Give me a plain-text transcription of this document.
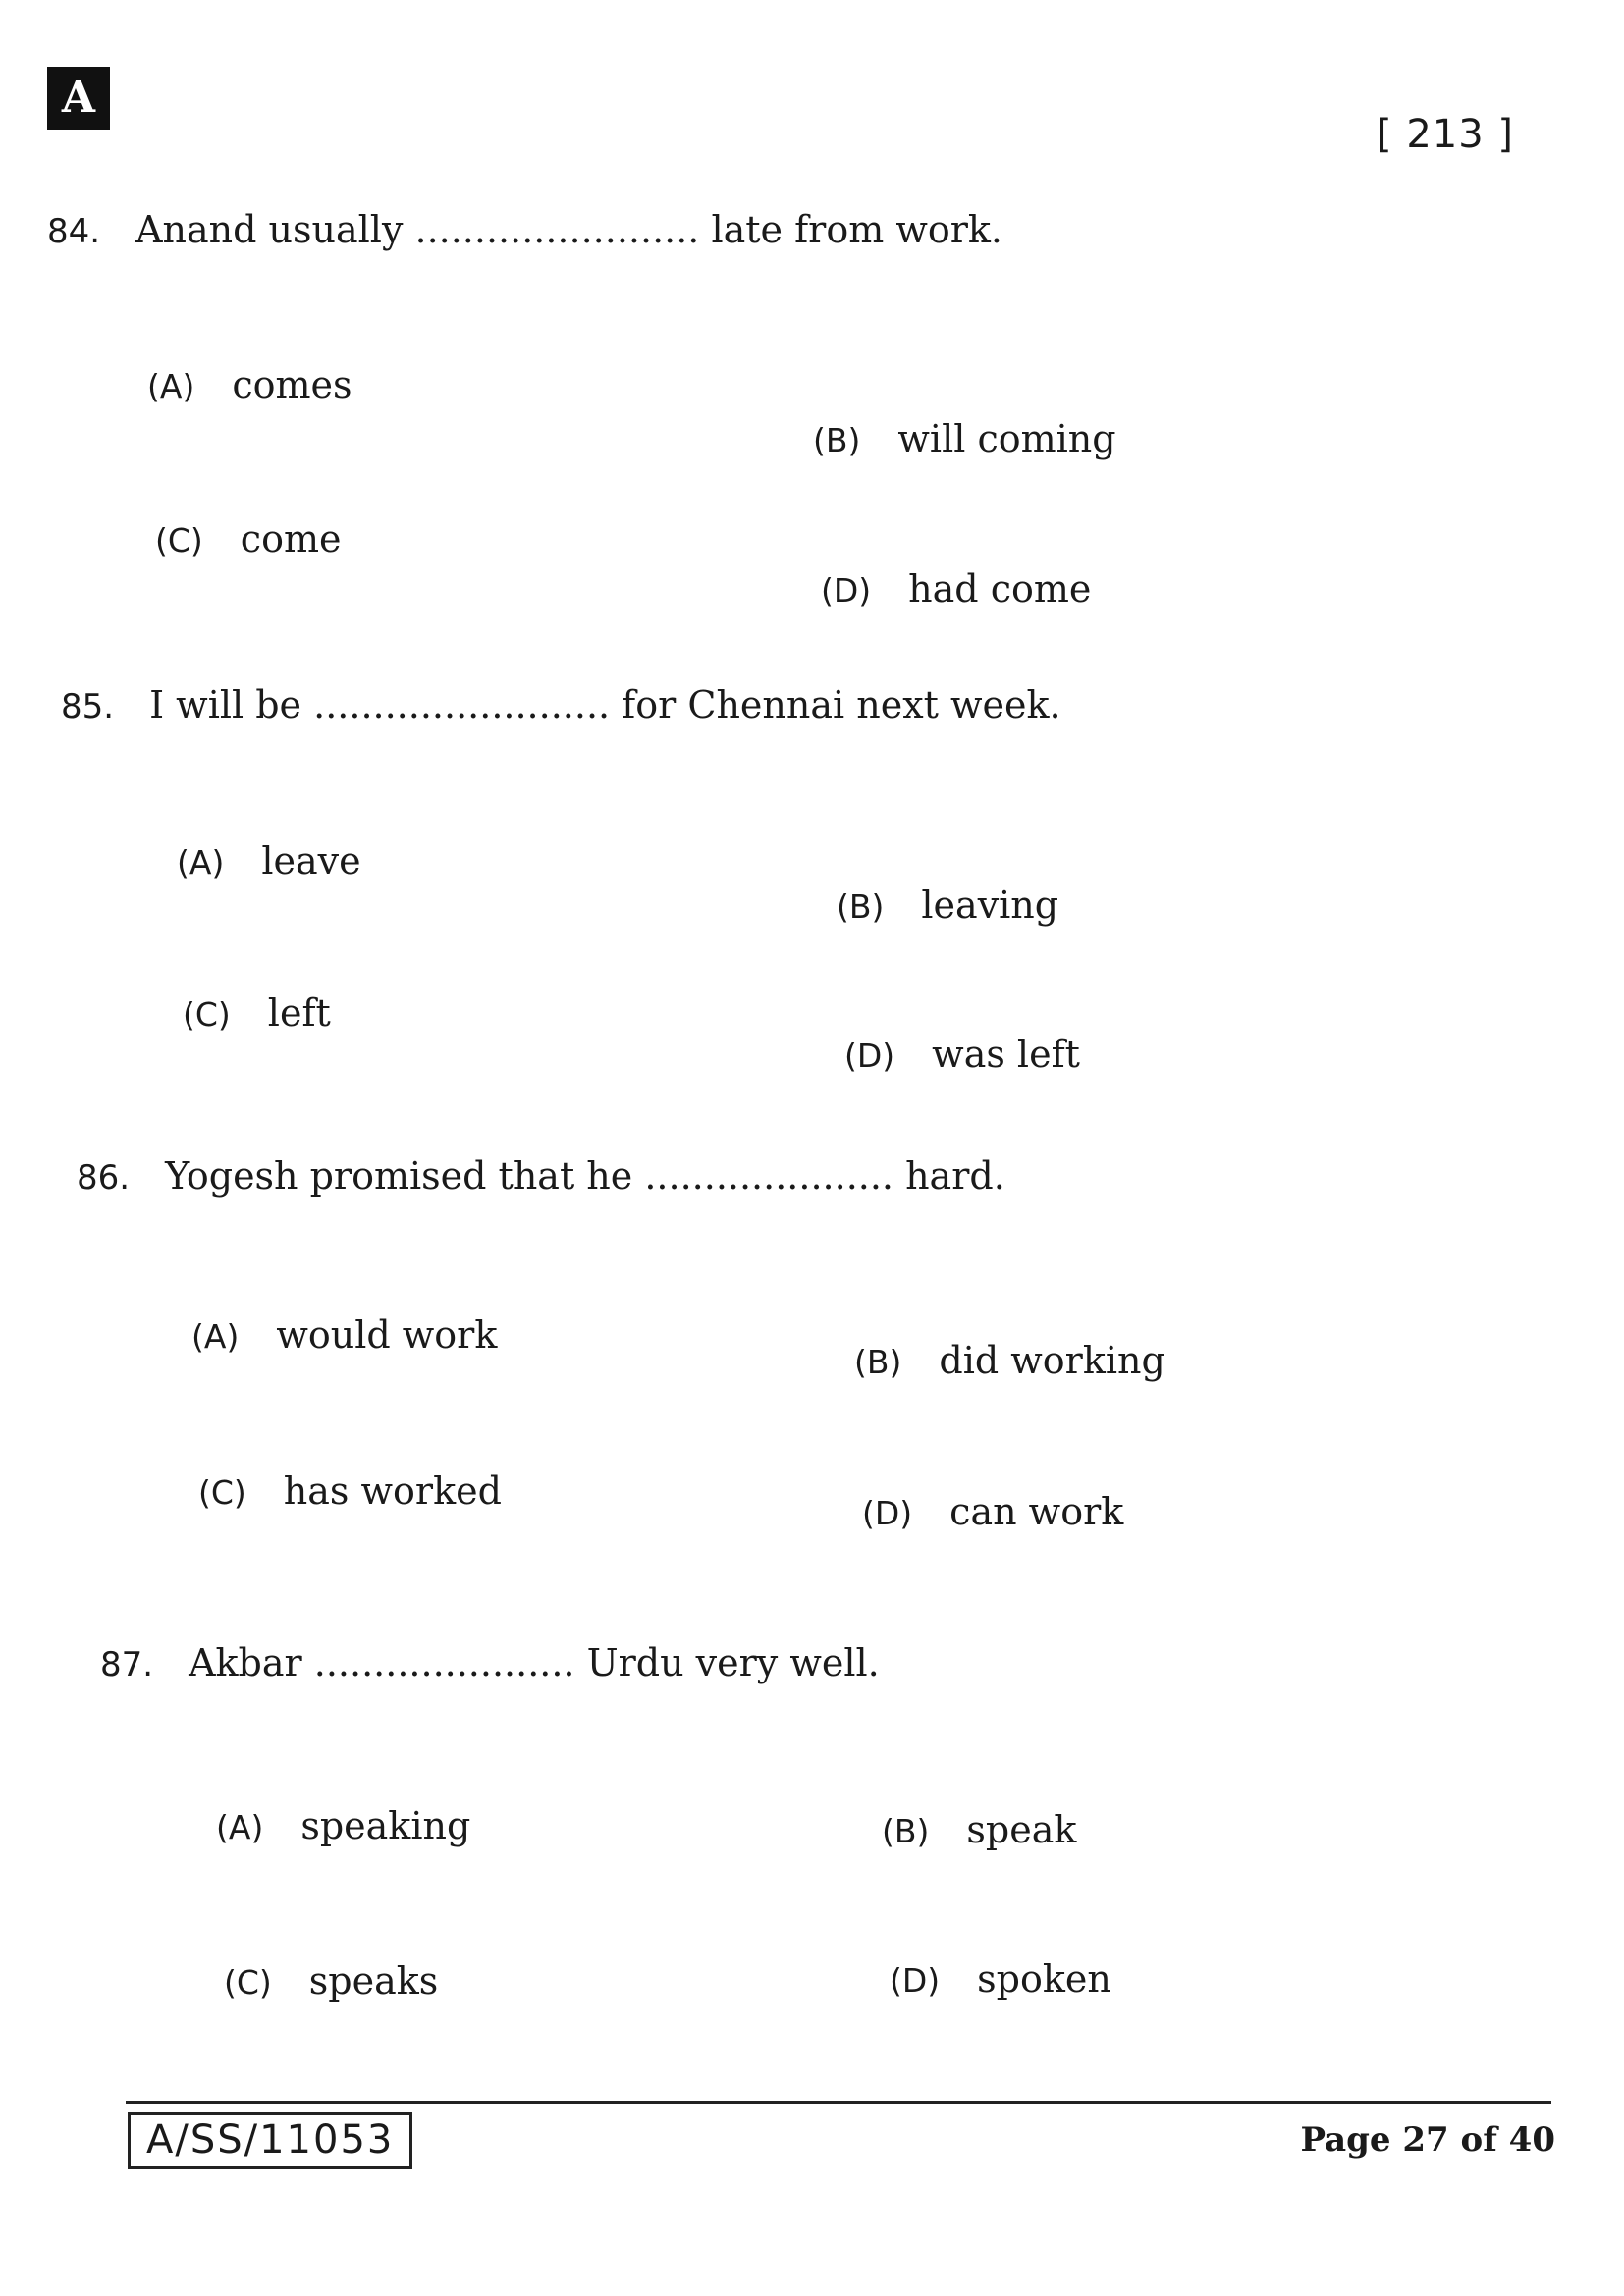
A
[ 213 ]
84. Anand usually ........................ late from work.
(A) comes
(B) will coming
(C) come
(D) had come
85. I will be ......................... for Chennai next week.
(A) leave
(B) leaving
(C) left
(D) was left
86. Yogesh promised that he ..................... hard.
(A) would work
(B) did working
(C) has worked
(D) can work
87. Akbar ...................... Urdu very well.
(A) speaking	(B) speak
(C) speaks	(D) spoken
A/SS/11053	Page 27 of 40
